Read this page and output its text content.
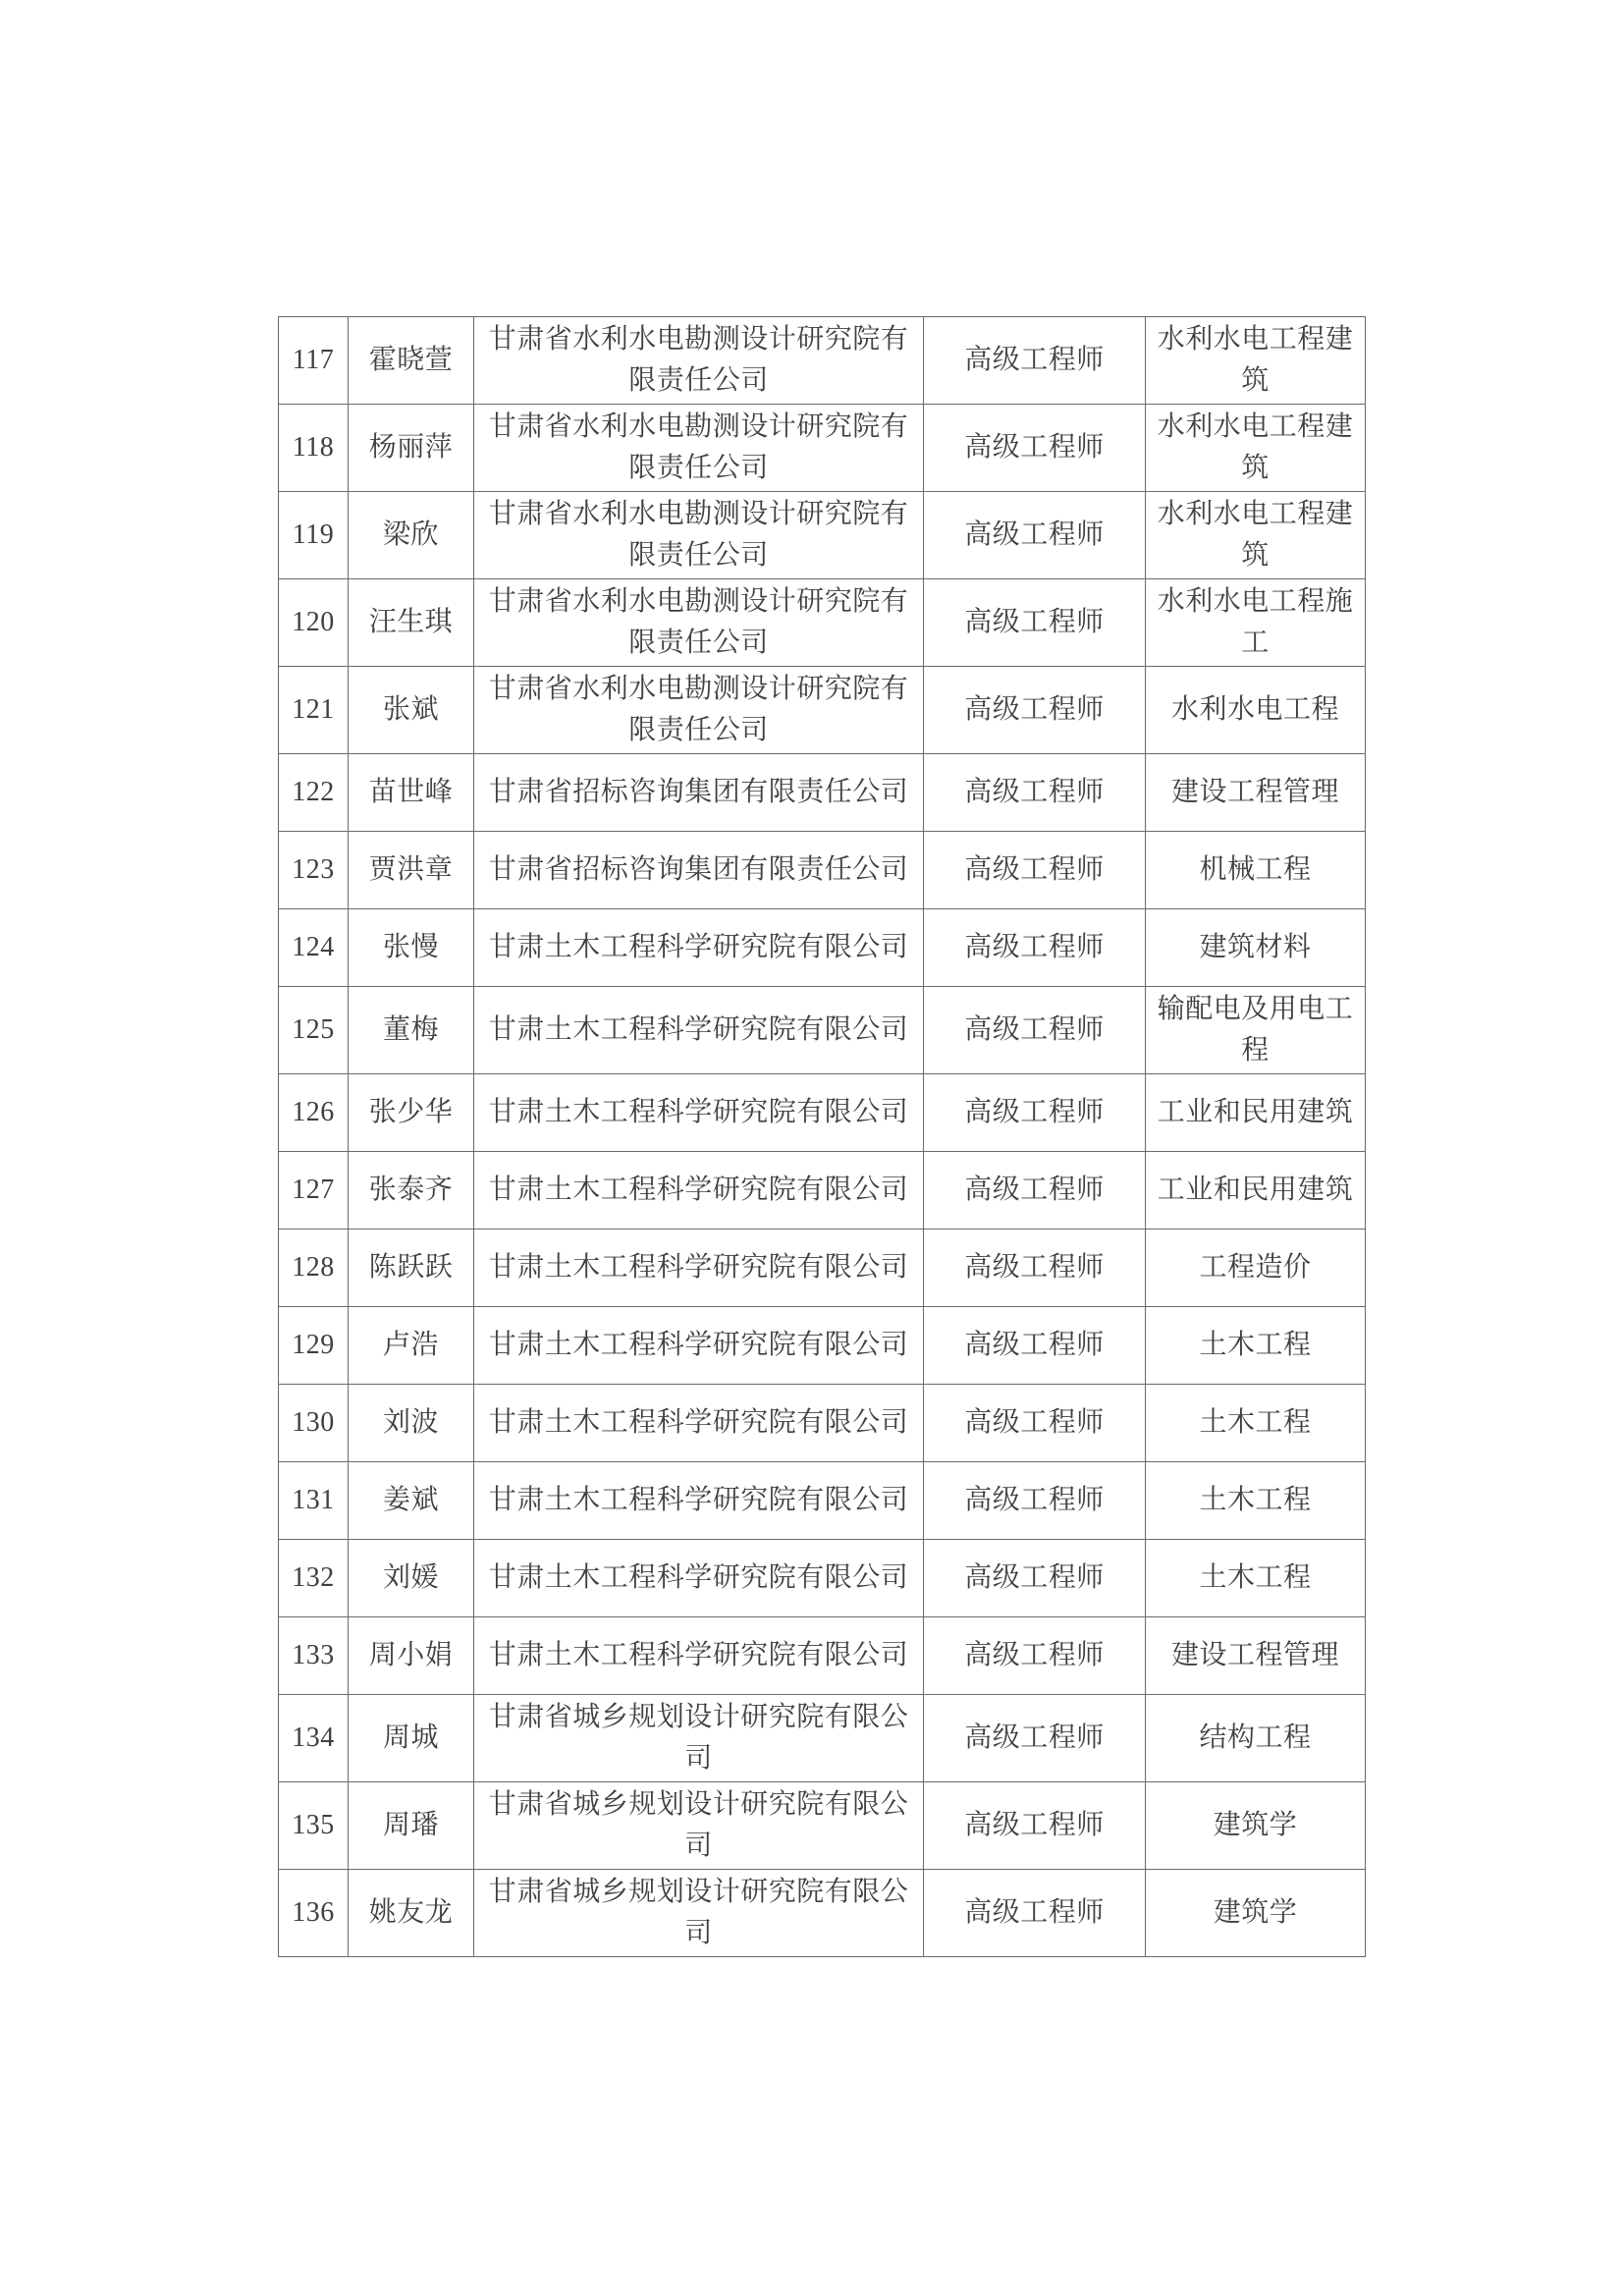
117	霍晓萱	甘肃省水利水电勘测设计研究院有限责任公司	高级工程师	水利水电工程建筑
118	杨丽萍	甘肃省水利水电勘测设计研究院有限责任公司	高级工程师	水利水电工程建筑
119	梁欣	甘肃省水利水电勘测设计研究院有限责任公司	高级工程师	水利水电工程建筑
120	汪生琪	甘肃省水利水电勘测设计研究院有限责任公司	高级工程师	水利水电工程施工
121	张斌	甘肃省水利水电勘测设计研究院有限责任公司	高级工程师	水利水电工程
122	苗世峰	甘肃省招标咨询集团有限责任公司	高级工程师	建设工程管理
123	贾洪章	甘肃省招标咨询集团有限责任公司	高级工程师	机械工程
124	张慢	甘肃土木工程科学研究院有限公司	高级工程师	建筑材料
125	董梅	甘肃土木工程科学研究院有限公司	高级工程师	输配电及用电工程
126	张少华	甘肃土木工程科学研究院有限公司	高级工程师	工业和民用建筑
127	张泰齐	甘肃土木工程科学研究院有限公司	高级工程师	工业和民用建筑
128	陈跃跃	甘肃土木工程科学研究院有限公司	高级工程师	工程造价
129	卢浩	甘肃土木工程科学研究院有限公司	高级工程师	土木工程
130	刘波	甘肃土木工程科学研究院有限公司	高级工程师	土木工程
131	姜斌	甘肃土木工程科学研究院有限公司	高级工程师	土木工程
132	刘媛	甘肃土木工程科学研究院有限公司	高级工程师	土木工程
133	周小娟	甘肃土木工程科学研究院有限公司	高级工程师	建设工程管理
134	周城	甘肃省城乡规划设计研究院有限公司	高级工程师	结构工程
135	周璠	甘肃省城乡规划设计研究院有限公司	高级工程师	建筑学
136	姚友龙	甘肃省城乡规划设计研究院有限公司	高级工程师	建筑学
